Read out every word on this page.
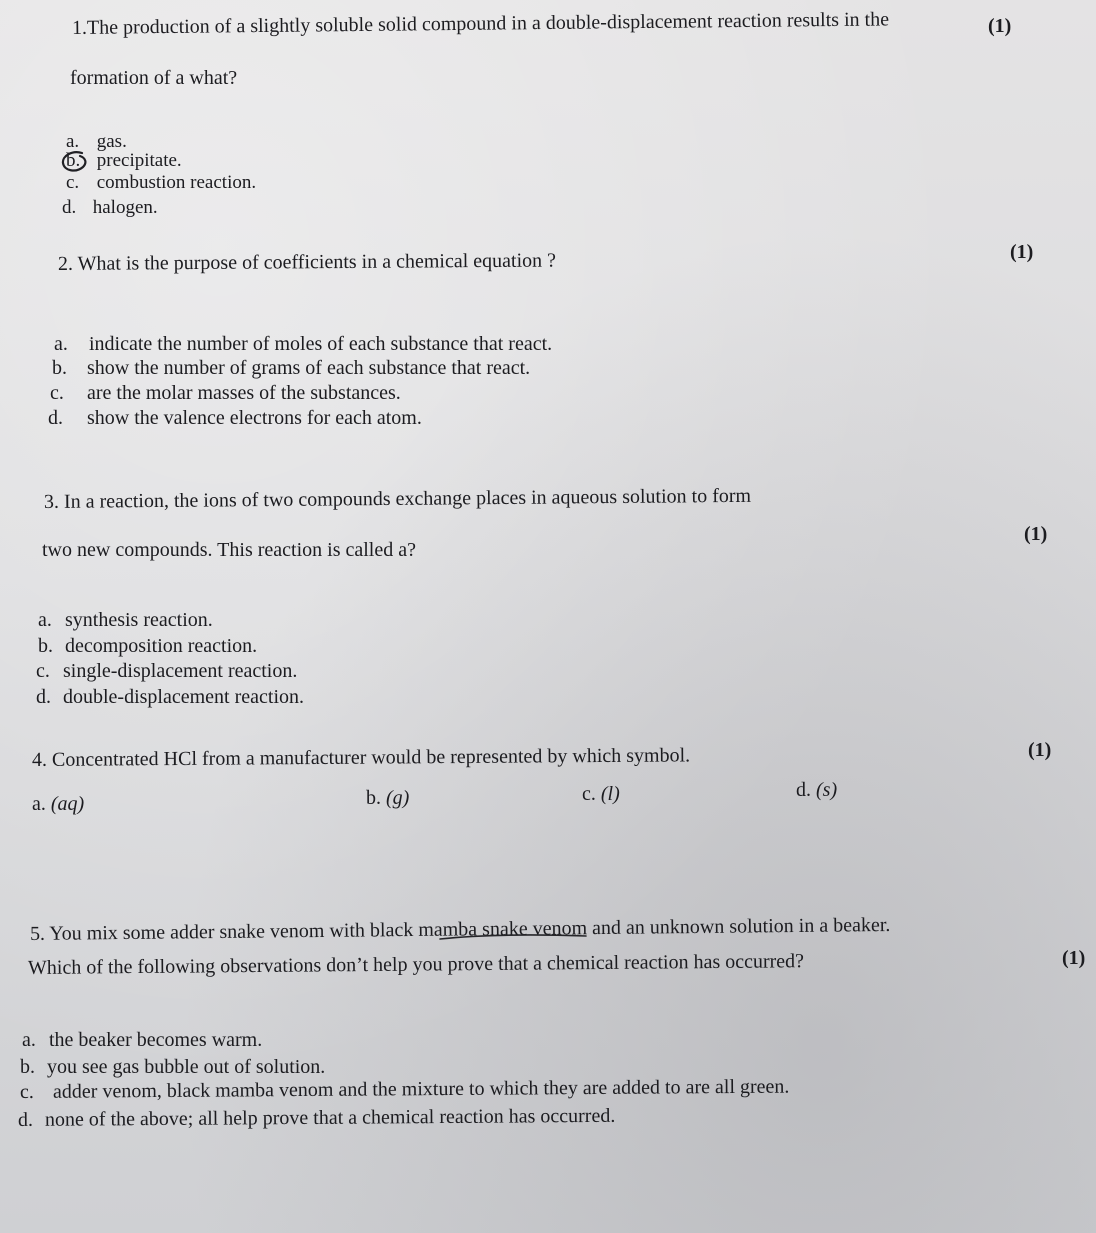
1.The production of a slightly soluble solid compound in a double-displacement reaction results in the	(1)
formation of a what?
a. gas.
b. precipitate.
c. combustion reaction.
d. halogen.
2. What is the purpose of coefficients in a chemical equation ?	(1)
a. indicate the number of moles of each substance that react.
b. show the number of grams of each substance that react.
c. are the molar masses of the substances.
d. show the valence electrons for each atom.
3. In a reaction, the ions of two compounds exchange places in aqueous solution to form
two new compounds. This reaction is called a?
(1)
a. synthesis reaction.
b. decomposition reaction.
c. single-displacement reaction.
d. double-displacement reaction.
4. Concentrated HCl from a manufacturer would be represented by which symbol.	(1)
a. (aq)	b. (g)	c. (l)	d. (s)
5. You mix some adder snake venom with black mamba snake venom and an unknown solution in a beaker.
Which of the following observations don’t help you prove that a chemical reaction has occurred?	(1)
a. the beaker becomes warm.
b. you see gas bubble out of solution.
c. adder venom, black mamba venom and the mixture to which they are added to are all green.
d. none of the above; all help prove that a chemical reaction has occurred.
